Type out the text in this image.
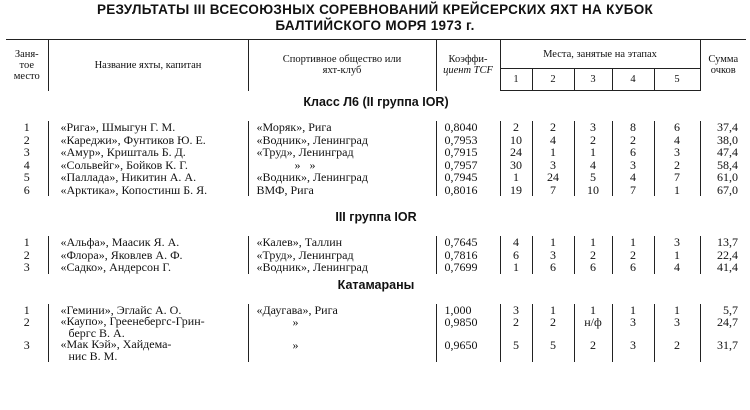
РЕЗУЛЬТАТЫ III ВСЕСОЮЗНЫХ СОРЕВНОВАНИЙ КРЕЙСЕРСКИХ ЯХТ НА КУБОК
БАЛТИЙСКОГО МОРЯ 1973 г.
Заня-
тое
место	Название яхты, капитан	Спортивное общество или
яхт-клуб	Коэффи-
циент TCF	Места, занятые на этапах					Сумма
очков
				1	2	3	4	5	
Класс Л6 (II группа IOR)									

1	«Рига», Шмыгун Г. М.	«Моряк», Рига	0,8040	2	2	3	8	6	37,4
2	«Кареджи», Фунтиков Ю. Е.	«Водник», Ленинград	0,7953	10	4	2	2	4	38,0
3	«Амур», Кришталь Б. Д.	«Труд», Ленинград	0,7915	24	1	1	6	3	47,4
4	«Сольвейг», Бойков К. Г.	»   »	0,7957	30	3	4	3	2	58,4
5	«Паллада», Никитин А. А.	«Водник», Ленинград	0,7945	1	24	5	4	7	61,0
6	«Арктика», Копостинш Б. Я.	ВМФ, Рига	0,8016	19	7	10	7	1	67,0

III группа IOR									

1	«Альфа», Маасик Я. А.	«Калев», Таллин	0,7645	4	1	1	1	3	13,7
2	«Флора», Яковлев А. Ф.	«Труд», Ленинград	0,7816	6	3	2	2	1	22,4
3	«Садко», Андерсон Г.	«Водник», Ленинград	0,7699	1	6	6	6	4	41,4
Катамараны									

1	«Гемини», Эглайс А. О.	«Даугава», Рига	1,000	3	1	1	1	1	5,7
2	«Каупо», Греенебергс-Грин-
бергс В. А.	»	0,9850	2	2	н/ф	3	3	24,7
3	«Мак Кэй», Хайдема-
нис В. М.	»	0,9650	5	5	2	3	2	31,7
